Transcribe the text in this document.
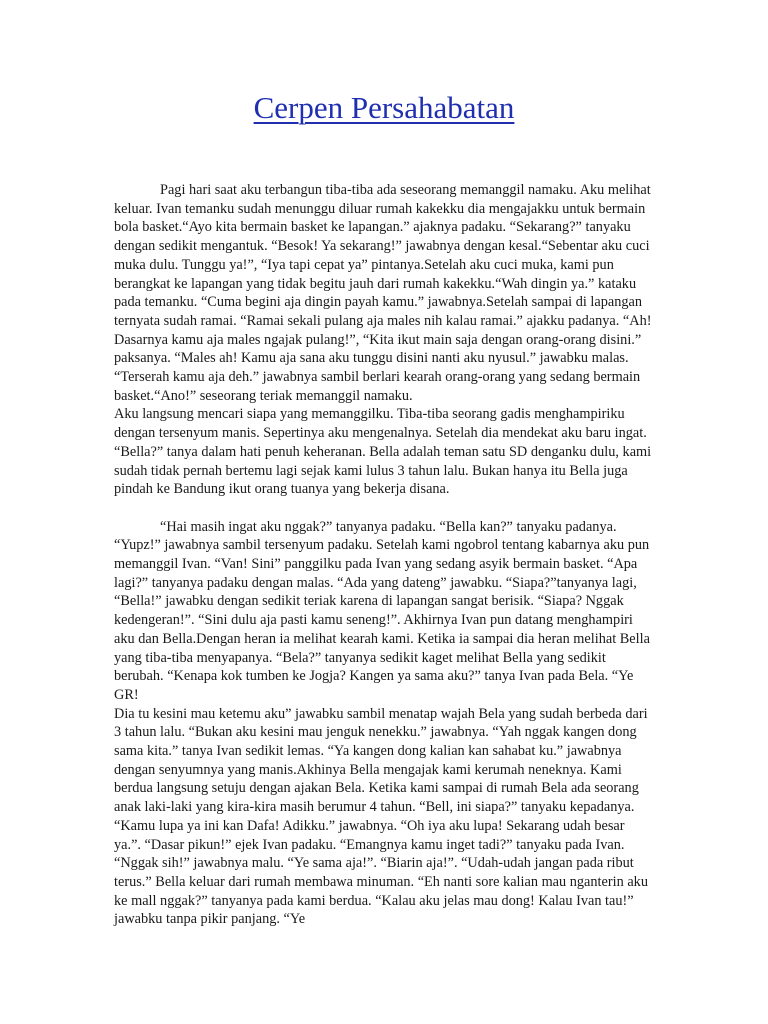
Cerpen Persahabatan

Pagi hari saat aku terbangun tiba-tiba ada seseorang memanggil namaku. Aku melihat keluar. Ivan temanku sudah menunggu diluar rumah kakekku dia mengajakku untuk bermain bola basket.“Ayo kita bermain basket ke lapangan.” ajaknya padaku. “Sekarang?” tanyaku dengan sedikit mengantuk. “Besok! Ya sekarang!” jawabnya dengan kesal.“Sebentar aku cuci muka dulu. Tunggu ya!”, “Iya tapi cepat ya” pintanya.Setelah aku cuci muka, kami pun berangkat ke lapangan yang tidak begitu jauh dari rumah kakekku.“Wah dingin ya.” kataku pada temanku. “Cuma begini aja dingin payah kamu.” jawabnya.Setelah sampai di lapangan ternyata sudah ramai. “Ramai sekali pulang aja males nih kalau ramai.” ajakku padanya. “Ah! Dasarnya kamu aja males ngajak pulang!”, “Kita ikut main saja dengan orang-orang disini.” paksanya. “Males ah! Kamu aja sana aku tunggu disini nanti aku nyusul.” jawabku malas. “Terserah kamu aja deh.” jawabnya sambil berlari kearah orang-orang yang sedang bermain basket.“Ano!” seseorang teriak memanggil namaku.

Aku langsung mencari siapa yang memanggilku. Tiba-tiba seorang gadis menghampiriku dengan tersenyum manis. Sepertinya aku mengenalnya. Setelah dia mendekat aku baru ingat. “Bella?” tanya dalam hati penuh keheranan. Bella adalah teman satu SD denganku dulu, kami sudah tidak pernah bertemu lagi sejak kami lulus 3 tahun lalu. Bukan hanya itu Bella juga pindah ke Bandung ikut orang tuanya yang bekerja disana.

“Hai masih ingat aku nggak?” tanyanya padaku. “Bella kan?” tanyaku padanya. “Yupz!” jawabnya sambil tersenyum padaku. Setelah kami ngobrol tentang kabarnya aku pun memanggil Ivan. “Van! Sini” panggilku pada Ivan yang sedang asyik bermain basket. “Apa lagi?” tanyanya padaku dengan malas. “Ada yang dateng” jawabku. “Siapa?”tanyanya lagi, “Bella!” jawabku dengan sedikit teriak karena di lapangan sangat berisik. “Siapa? Nggak kedengeran!”. “Sini dulu aja pasti kamu seneng!”. Akhirnya Ivan pun datang menghampiri aku dan Bella.Dengan heran ia melihat kearah kami. Ketika ia sampai dia heran melihat Bella yang tiba-tiba menyapanya. “Bela?” tanyanya sedikit kaget melihat Bella yang sedikit berubah. “Kenapa kok tumben ke Jogja? Kangen ya sama aku?” tanya Ivan pada Bela. “Ye GR!

Dia tu kesini mau ketemu aku” jawabku sambil menatap wajah Bela yang sudah berbeda dari 3 tahun lalu. “Bukan aku kesini mau jenguk nenekku.” jawabnya. “Yah nggak kangen dong sama kita.” tanya Ivan sedikit lemas. “Ya kangen dong kalian kan sahabat ku.” jawabnya dengan senyumnya yang manis.Akhinya Bella mengajak kami kerumah neneknya. Kami berdua langsung setuju dengan ajakan Bela. Ketika kami sampai di rumah Bela ada seorang anak laki-laki yang kira-kira masih berumur 4 tahun. “Bell, ini siapa?” tanyaku kepadanya. “Kamu lupa ya ini kan Dafa! Adikku.” jawabnya. “Oh iya aku lupa! Sekarang udah besar ya.”. “Dasar pikun!” ejek Ivan padaku. “Emangnya kamu inget tadi?” tanyaku pada Ivan. “Nggak sih!” jawabnya malu. “Ye sama aja!”. “Biarin aja!”. “Udah-udah jangan pada ribut terus.” Bella keluar dari rumah membawa minuman. “Eh nanti sore kalian mau nganterin aku ke mall nggak?” tanyanya pada kami berdua. “Kalau aku jelas mau dong! Kalau Ivan tau!” jawabku tanpa pikir panjang. “Ye
